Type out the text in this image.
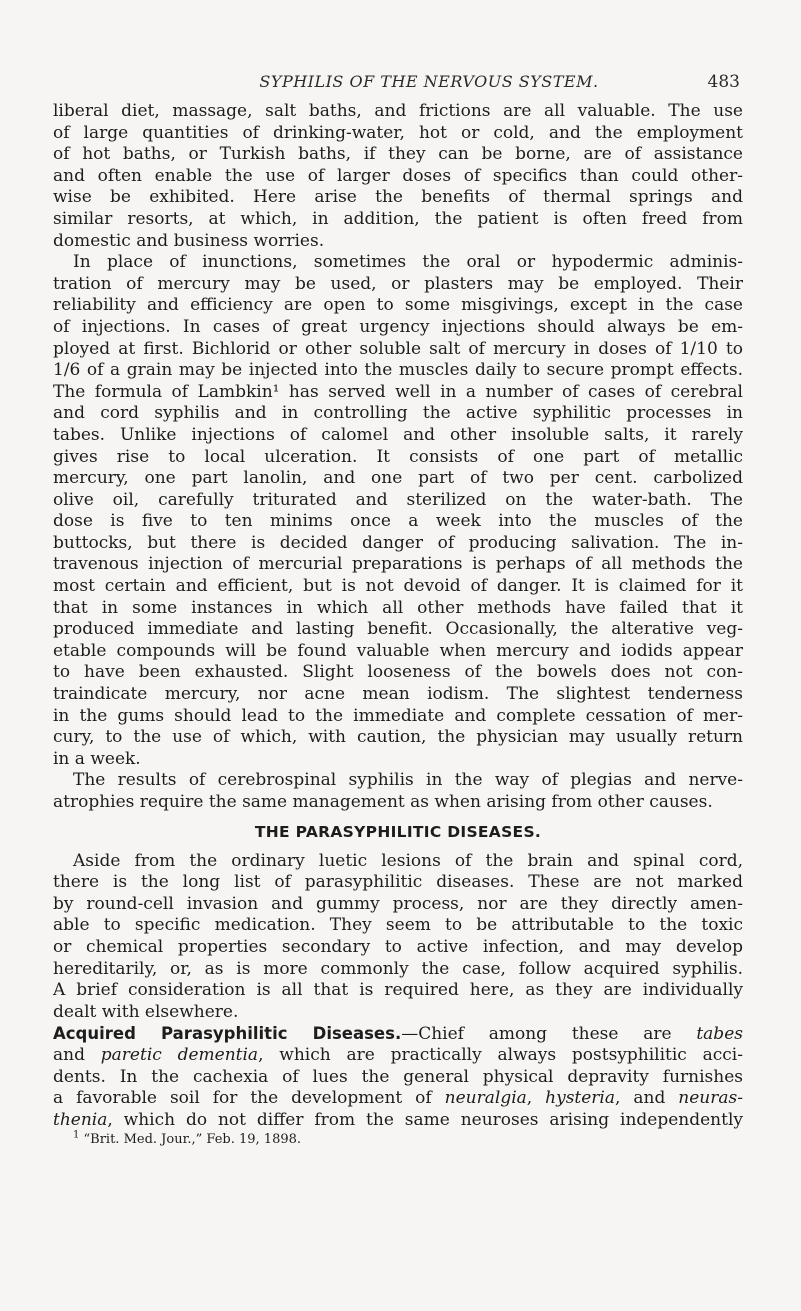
SYPHILIS OF THE NERVOUS SYSTEM.	483
liberal diet, massage, salt baths, and frictions are all valuable. The use
of large quantities of drinking-water, hot or cold, and the employment
of hot baths, or Turkish baths, if they can be borne, are of assistance
and often enable the use of larger doses of specifics than could other-
wise be exhibited. Here arise the benefits of thermal springs and
similar resorts, at which, in addition, the patient is often freed from
domestic and business worries.
In place of inunctions, sometimes the oral or hypodermic adminis-
tration of mercury may be used, or plasters may be employed. Their
reliability and efficiency are open to some misgivings, except in the case
of injections. In cases of great urgency injections should always be em-
ployed at first. Bichlorid or other soluble salt of mercury in doses of 1/10 to
1/6 of a grain may be injected into the muscles daily to secure prompt effects.
The formula of Lambkin¹ has served well in a number of cases of cerebral
and cord syphilis and in controlling the active syphilitic processes in
tabes. Unlike injections of calomel and other insoluble salts, it rarely
gives rise to local ulceration. It consists of one part of metallic
mercury, one part lanolin, and one part of two per cent. carbolized
olive oil, carefully triturated and sterilized on the water-bath. The
dose is five to ten minims once a week into the muscles of the
buttocks, but there is decided danger of producing salivation. The in-
travenous injection of mercurial preparations is perhaps of all methods the
most certain and efficient, but is not devoid of danger. It is claimed for it
that in some instances in which all other methods have failed that it
produced immediate and lasting benefit. Occasionally, the alterative veg-
etable compounds will be found valuable when mercury and iodids appear
to have been exhausted. Slight looseness of the bowels does not con-
traindicate mercury, nor acne mean iodism. The slightest tenderness
in the gums should lead to the immediate and complete cessation of mer-
cury, to the use of which, with caution, the physician may usually return
in a week.
The results of cerebrospinal syphilis in the way of plegias and nerve-
atrophies require the same management as when arising from other causes.
THE PARASYPHILITIC DISEASES.
Aside from the ordinary luetic lesions of the brain and spinal cord,
there is the long list of parasyphilitic diseases. These are not marked
by round-cell invasion and gummy process, nor are they directly amen-
able to specific medication. They seem to be attributable to the toxic
or chemical properties secondary to active infection, and may develop
hereditarily, or, as is more commonly the case, follow acquired syphilis.
A brief consideration is all that is required here, as they are individually
dealt with elsewhere.
Acquired Parasyphilitic Diseases.—Chief among these are tabes
and paretic dementia, which are practically always postsyphilitic acci-
dents. In the cachexia of lues the general physical depravity furnishes
a favorable soil for the development of neuralgia, hysteria, and neuras-
thenia, which do not differ from the same neuroses arising independently
$^1$ “Brit. Med. Jour.,” Feb. 19, 1898.
